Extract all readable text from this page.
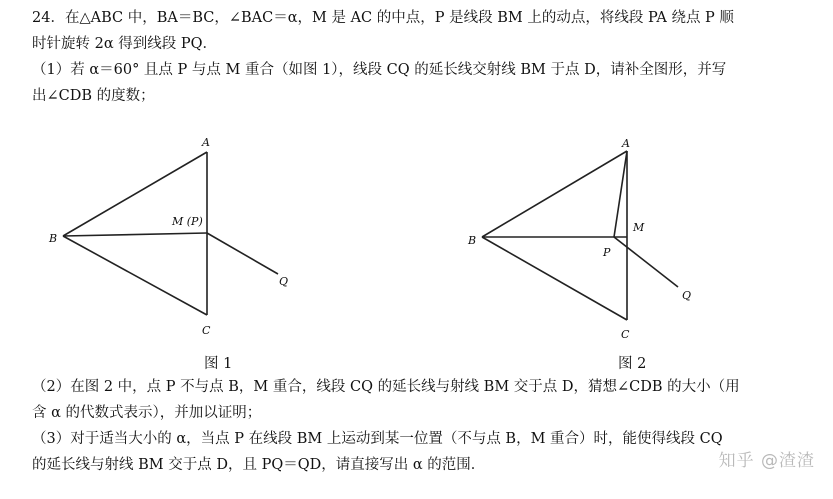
24．在△ABC 中，BA＝BC，∠BAC＝α，M 是 AC 的中点，P 是线段 BM 上的动点，将线段 PA 绕点 P 顺
时针旋转 2α 得到线段 PQ．
（1）若 α＝60° 且点 P 与点 M 重合（如图 1），线段 CQ 的延长线交射线 BM 于点 D，请补全图形，并写
出∠CDB 的度数；
A
B
C
M (P)
Q
A
B
C
M
P
Q
图 1	图 2
（2）在图 2 中，点 P 不与点 B，M 重合，线段 CQ 的延长线与射线 BM 交于点 D，猜想∠CDB 的大小（用
含 α 的代数式表示），并加以证明；
（3）对于适当大小的 α，当点 P 在线段 BM 上运动到某一位置（不与点 B，M 重合）时，能使得线段 CQ
的延长线与射线 BM 交于点 D，且 PQ＝QD，请直接写出 α 的范围．	知乎 @渣渣
